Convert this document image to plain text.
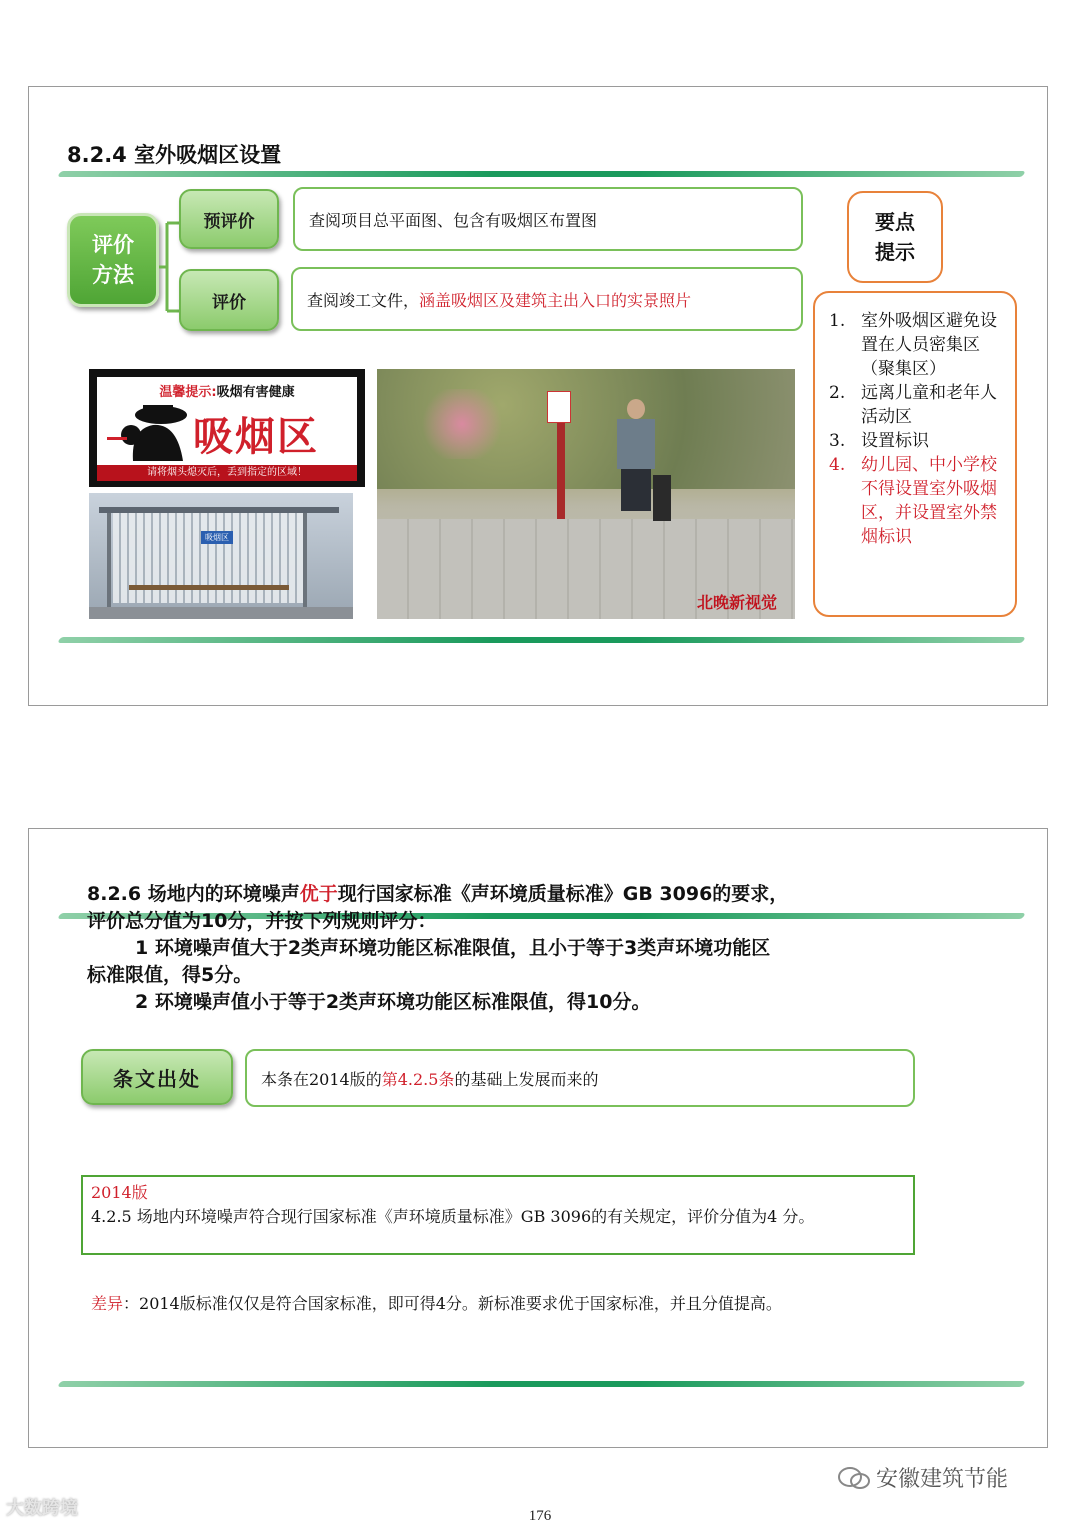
8.2.4 室外吸烟区设置
评价
方法
预评价	查阅项目总平面图、包含有吸烟区布置图
评价	查阅竣工文件， 涵盖吸烟区及建筑主出入口的实景照片
要点
提示
1. 室外吸烟区避免设置在人员密集区（聚集区）
2. 远离儿童和老年人活动区
3. 设置标识
4. 幼儿园、中小学校不得设置室外吸烟区，并设置室外禁烟标识
温馨提示:吸烟有害健康
吸烟区
请将烟头熄灭后，丢到指定的区域！
吸烟区
北晚新视觉
8.2.6 场地内的环境噪声优于现行国家标准《声环境质量标准》GB 3096的要求，
评价总分值为10分，并按下列规则评分：
1 环境噪声值大于2类声环境功能区标准限值，且小于等于3类声环境功能区
标准限值，得5分。
2 环境噪声值小于等于2类声环境功能区标准限值，得10分。
条文出处	本条在2014版的 第4.2.5条 的基础上发展而来的
2014版
4.2.5 场地内环境噪声符合现行国家标准《声环境质量标准》GB 3096的有关规定，评价分值为4 分。
差异：2014版标准仅仅是符合国家标准，即可得4分。新标准要求优于国家标准，并且分值提高。
大数跨境
安徽建筑节能
176
